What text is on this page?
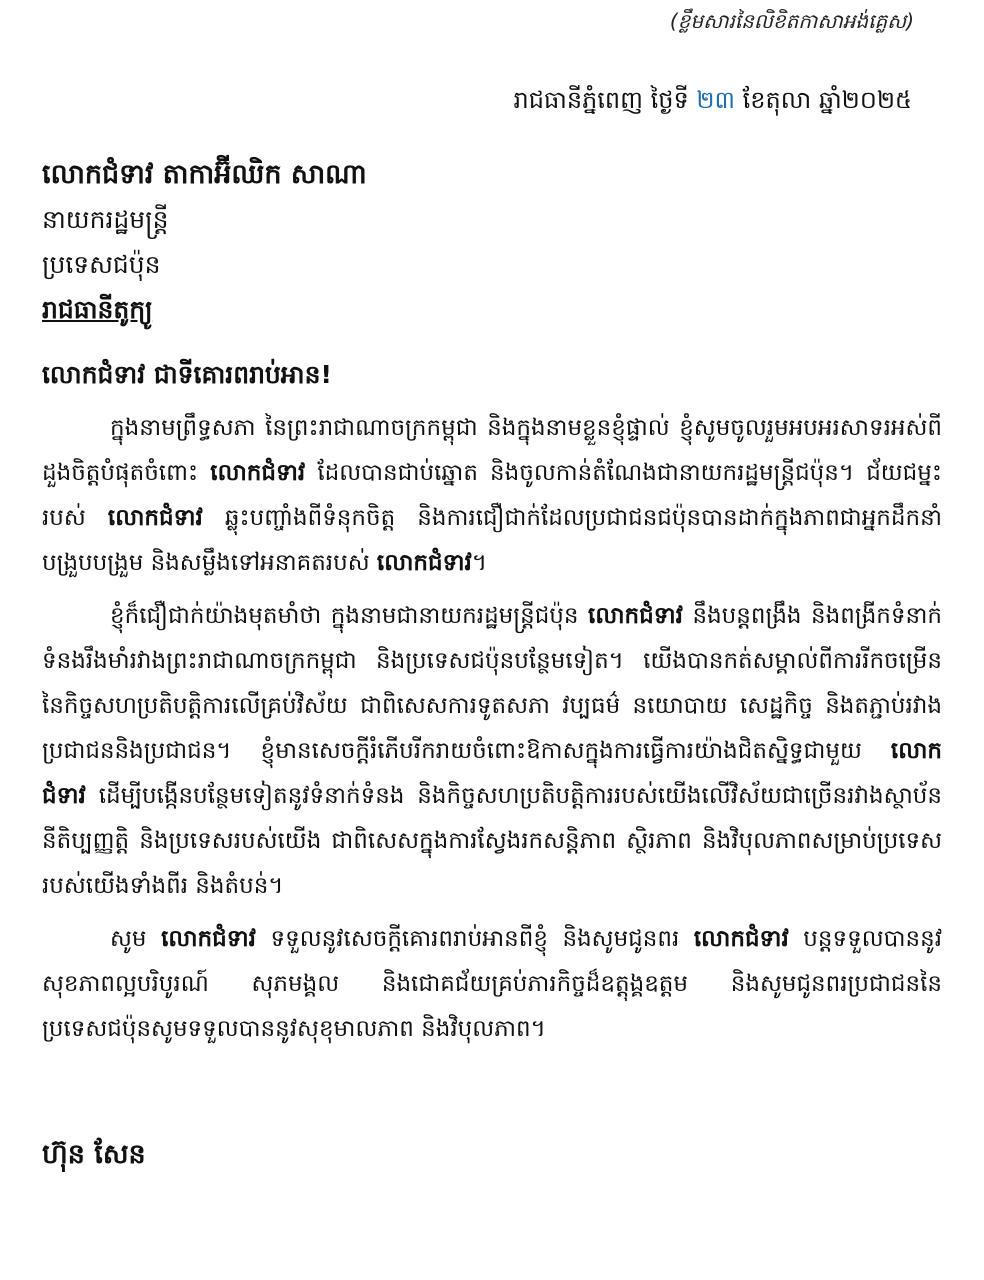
(ខ្លឹមសារនៃលិខិតកាសាអង់គ្លេស)
រាជធានីភ្នំពេញ ថ្ងៃទី ២៣ ខែតុលា ឆ្នាំ២០២៥
លោកជំទាវ តាកាអ៊ីឈិក សាណា
នាយករដ្ឋមន្ត្រី
ប្រទេសជប៉ុន
រាជធានីតូក្យូ
លោកជំទាវ ជាទីគោរពរាប់អាន!

ក្នុងនាមព្រឹទ្ធសភា នៃព្រះរាជាណាចក្រកម្ពុជា និងក្នុងនាមខ្លួនខ្ញុំផ្ទាល់ ខ្ញុំសូមចូលរួមអបអរសាទរអស់ពីដួងចិត្តបំផុតចំពោះ លោកជំទាវ ដែលបានជាប់ឆ្នោត និងចូលកាន់តំណែងជានាយករដ្ឋមន្ត្រីជប៉ុន។ ជ័យជម្នះរបស់ លោកជំទាវ ឆ្លុះបញ្ចាំងពីទំនុកចិត្ត និងការជឿជាក់ដែលប្រជាជនជប៉ុនបានដាក់ក្នុងភាពជាអ្នកដឹកនាំបង្រួបបង្រួម និងសម្លឹងទៅអនាគតរបស់ លោកជំទាវ។

ខ្ញុំក៏ជឿជាក់យ៉ាងមុតមាំថា ក្នុងនាមជានាយករដ្ឋមន្ត្រីជប៉ុន លោកជំទាវ នឹងបន្តពង្រឹង និងពង្រីកទំនាក់ទំនងរឹងមាំរវាងព្រះរាជាណាចក្រកម្ពុជា និងប្រទេសជប៉ុនបន្ថែមទៀត។ យើងបានកត់សម្គាល់ពីការរីកចម្រើន នៃកិច្ចសហប្រតិបត្តិការលើគ្រប់វិស័យ ជាពិសេសការទូតសភា វប្បធម៌ នយោបាយ សេដ្ឋកិច្ច និងតភ្ជាប់រវាងប្រជាជននិងប្រជាជន។ ខ្ញុំមានសេចក្តីរំភើបរីករាយចំពោះឱកាសក្នុងការធ្វើការយ៉ាងជិតស្និទ្ធជាមួយ លោកជំទាវ ដើម្បីបង្កើនបន្ថែមទៀតនូវទំនាក់ទំនង និងកិច្ចសហប្រតិបត្តិការរបស់យើងលើវិស័យជាច្រើនរវាងស្ថាប័ននីតិប្បញ្ញត្តិ និងប្រទេសរបស់យើង ជាពិសេសក្នុងការស្វែងរកសន្តិភាព ស្ថិរភាព និងវិបុលភាពសម្រាប់ប្រទេសរបស់យើងទាំងពីរ និងតំបន់។

សូម លោកជំទាវ ទទួលនូវសេចក្តីគោរពរាប់អានពីខ្ញុំ និងសូមជូនពរ លោកជំទាវ បន្តទទួលបាននូវសុខភាពល្អបរិបូរណ៍ សុភមង្គល និងជោគជ័យគ្រប់ភារកិច្ចដ៏ឧត្តុង្គឧត្តម និងសូមជូនពរប្រជាជននៃប្រទេសជប៉ុនសូមទទួលបាននូវសុខុមាលភាព និងវិបុលភាព។

ហ៊ុន សែន
